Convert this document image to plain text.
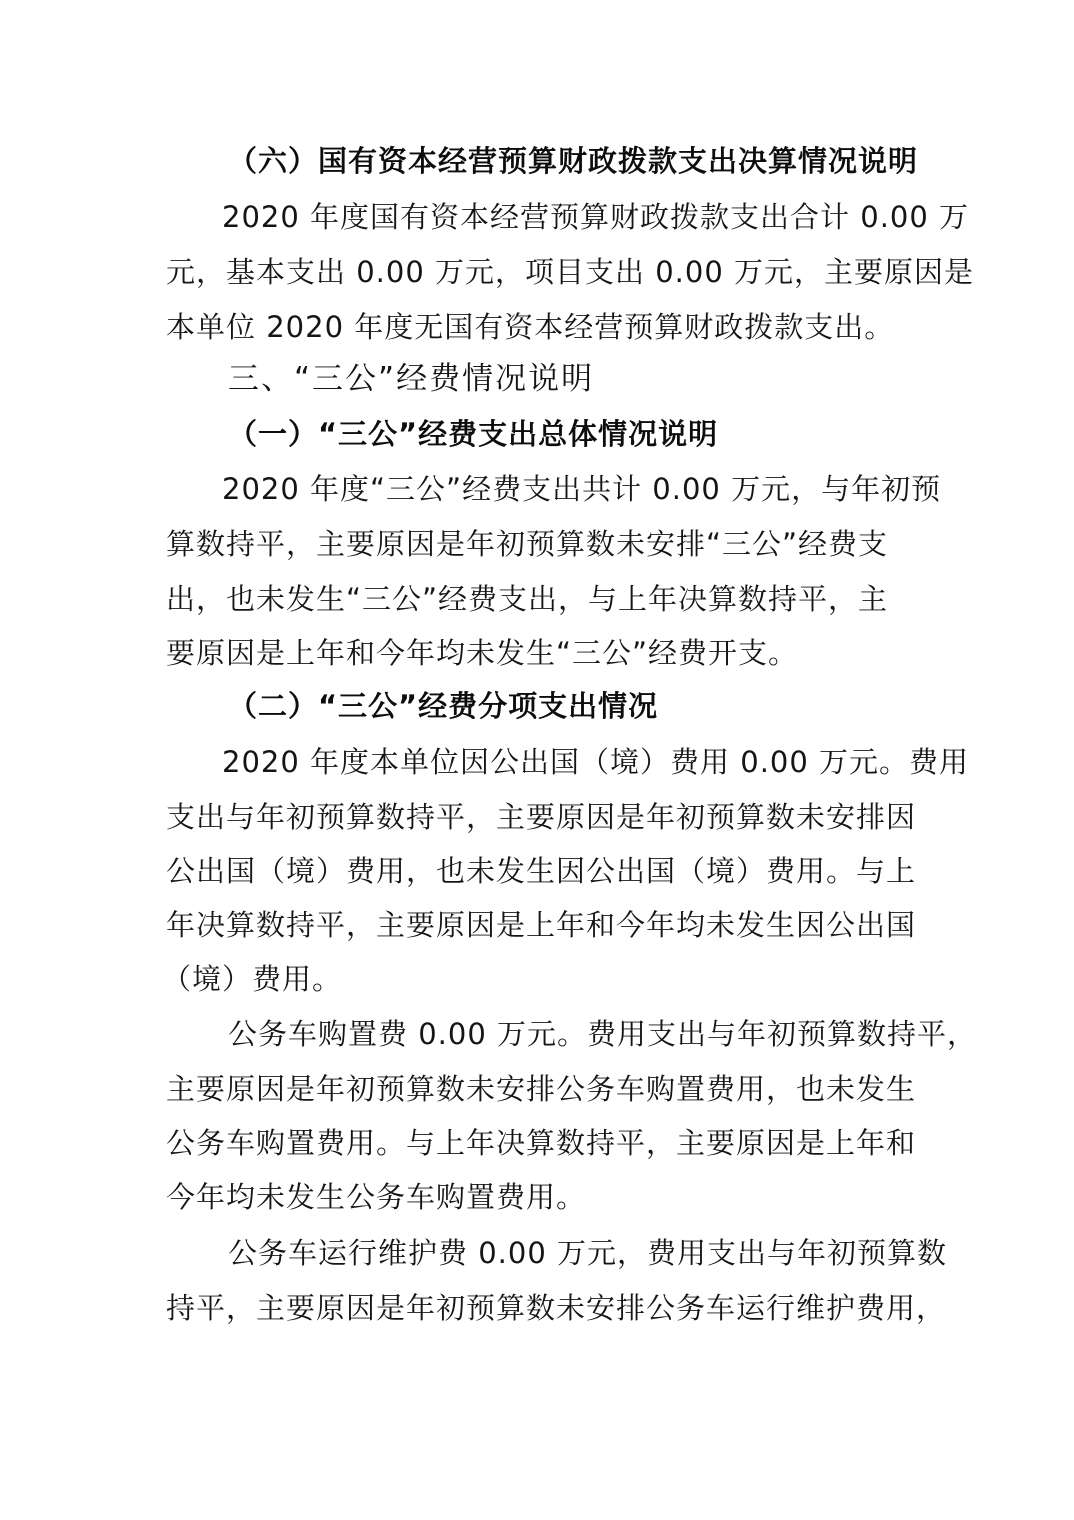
（六）国有资本经营预算财政拨款支出决算情况说明
2020 年度国有资本经营预算财政拨款支出合计 0.00 万
元，基本支出 0.00 万元，项目支出 0.00 万元，主要原因是
本单位 2020 年度无国有资本经营预算财政拨款支出。
三、“三公”经费情况说明
（一）“三公”经费支出总体情况说明
2020 年度“三公”经费支出共计 0.00 万元，与年初预
算数持平，主要原因是年初预算数未安排“三公”经费支
出，也未发生“三公”经费支出，与上年决算数持平，主
要原因是上年和今年均未发生“三公”经费开支。
（二）“三公”经费分项支出情况
2020 年度本单位因公出国（境）费用 0.00 万元。费用
支出与年初预算数持平，主要原因是年初预算数未安排因
公出国（境）费用，也未发生因公出国（境）费用。与上
年决算数持平，主要原因是上年和今年均未发生因公出国
（境）费用。
公务车购置费 0.00 万元。费用支出与年初预算数持平，
主要原因是年初预算数未安排公务车购置费用，也未发生
公务车购置费用。与上年决算数持平，主要原因是上年和
今年均未发生公务车购置费用。
公务车运行维护费 0.00 万元，费用支出与年初预算数
持平，主要原因是年初预算数未安排公务车运行维护费用，
